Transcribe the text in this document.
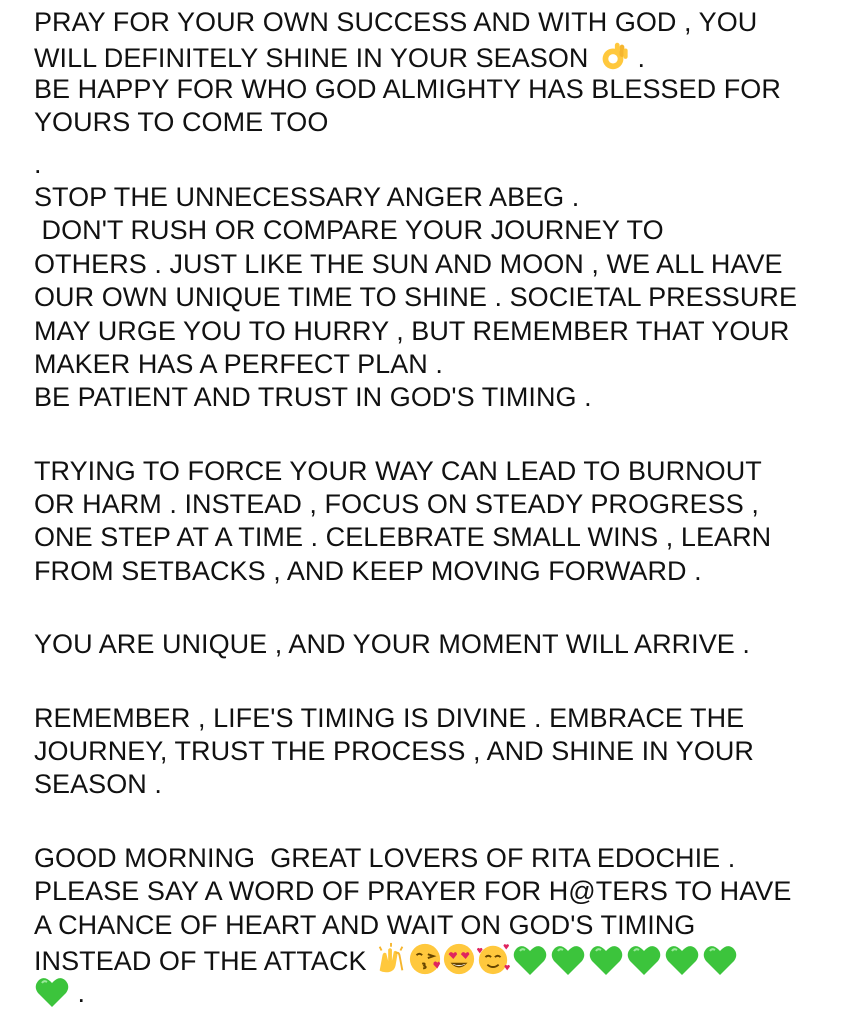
PRAY FOR YOUR OWN SUCCESS AND WITH GOD , YOU
WILL DEFINITELY SHINE IN YOUR SEASON
.
BE HAPPY FOR WHO GOD ALMIGHTY HAS BLESSED FOR
YOURS TO COME TOO
.
STOP THE UNNECESSARY ANGER ABEG .
DON'T RUSH OR COMPARE YOUR JOURNEY TO
OTHERS . JUST LIKE THE SUN AND MOON , WE ALL HAVE
OUR OWN UNIQUE TIME TO SHINE . SOCIETAL PRESSURE
MAY URGE YOU TO HURRY , BUT REMEMBER THAT YOUR
MAKER HAS A PERFECT PLAN .
BE PATIENT AND TRUST IN GOD'S TIMING .
TRYING TO FORCE YOUR WAY CAN LEAD TO BURNOUT
OR HARM . INSTEAD , FOCUS ON STEADY PROGRESS ,
ONE STEP AT A TIME . CELEBRATE SMALL WINS , LEARN
FROM SETBACKS , AND KEEP MOVING FORWARD .
YOU ARE UNIQUE , AND YOUR MOMENT WILL ARRIVE .
REMEMBER , LIFE'S TIMING IS DIVINE . EMBRACE THE
JOURNEY, TRUST THE PROCESS , AND SHINE IN YOUR
SEASON .
GOOD MORNING  GREAT LOVERS OF RITA EDOCHIE .
PLEASE SAY A WORD OF PRAYER FOR H@TERS TO HAVE
A CHANCE OF HEART AND WAIT ON GOD'S TIMING
INSTEAD OF THE ATTACK
.
